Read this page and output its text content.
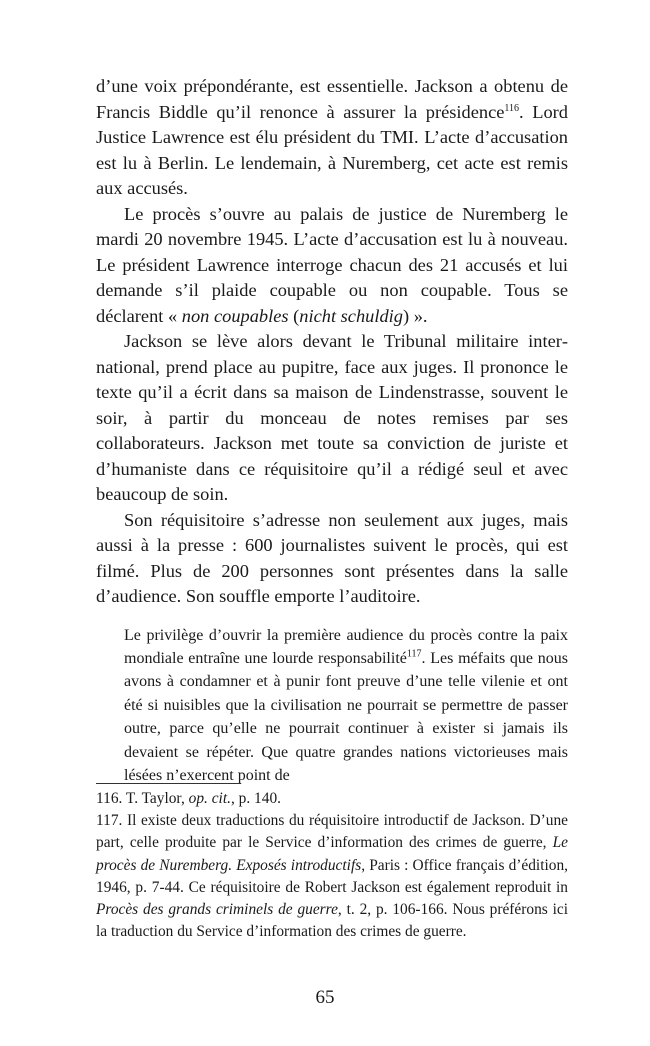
d’une voix prépondérante, est essentielle. Jackson a obtenu de Francis Biddle qu’il renonce à assurer la présidence$^{116}$. Lord Justice Lawrence est élu président du TMI. L’acte d’accusation est lu à Berlin. Le lendemain, à Nuremberg, cet acte est remis aux accusés.

Le procès s’ouvre au palais de justice de Nuremberg le mardi 20 novembre 1945. L’acte d’accusation est lu à nouveau. Le président Lawrence interroge chacun des 21 accusés et lui demande s’il plaide coupable ou non coupable. Tous se déclarent « non coupables (nicht schuldig) ».

Jackson se lève alors devant le Tribunal militaire international, prend place au pupitre, face aux juges. Il prononce le texte qu’il a écrit dans sa maison de Lindenstrasse, souvent le soir, à partir du monceau de notes remises par ses collaborateurs. Jackson met toute sa conviction de juriste et d’humaniste dans ce réquisitoire qu’il a rédigé seul et avec beaucoup de soin.

Son réquisitoire s’adresse non seulement aux juges, mais aussi à la presse : 600 journalistes suivent le procès, qui est filmé. Plus de 200 personnes sont présentes dans la salle d’audience. Son souffle emporte l’auditoire.

Le privilège d’ouvrir la première audience du procès contre la paix mondiale entraîne une lourde responsabilité$^{117}$. Les méfaits que nous avons à condamner et à punir font preuve d’une telle vilenie et ont été si nuisibles que la civilisation ne pourrait se permettre de passer outre, parce qu’elle ne pourrait continuer à exister si jamais ils devaient se répéter. Que quatre grandes nations victorieuses mais lésées n’exercent point de

116. T. Taylor, op. cit., p. 140.

117. Il existe deux traductions du réquisitoire introductif de Jackson. D’une part, celle produite par le Service d’information des crimes de guerre, Le procès de Nuremberg. Exposés introductifs, Paris : Office français d’édition, 1946, p. 7-44. Ce réquisitoire de Robert Jackson est également reproduit in Procès des grands criminels de guerre, t. 2, p. 106-166. Nous préférons ici la traduction du Service d’information des crimes de guerre.

65
